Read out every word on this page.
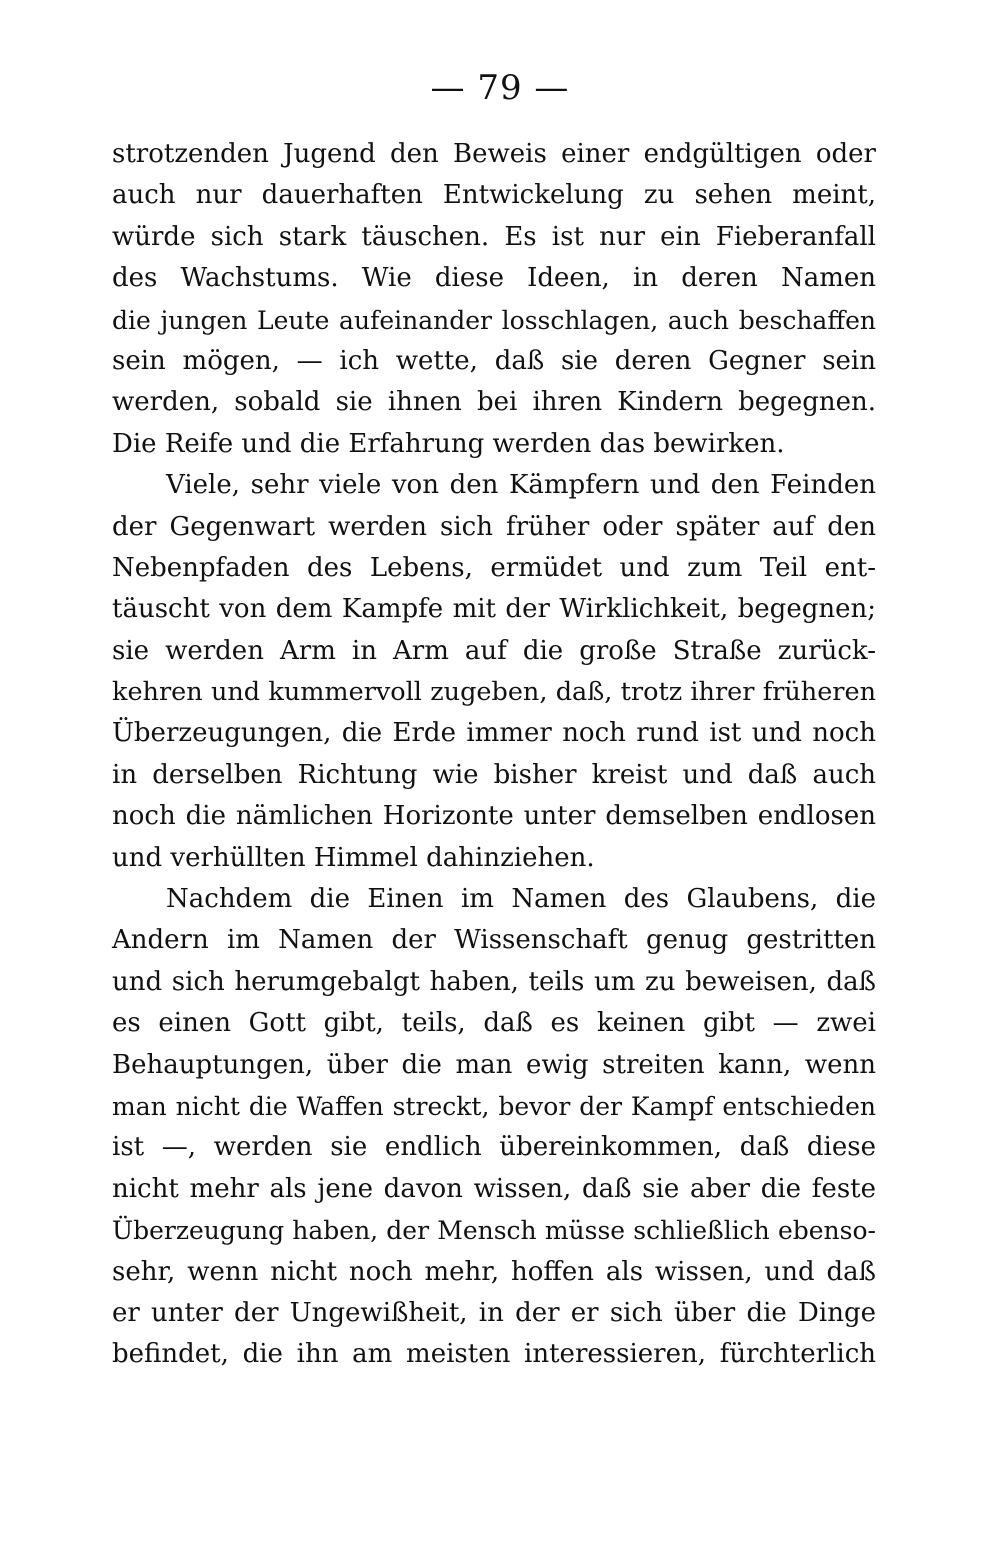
— 79 —
strotzenden Jugend den Beweis einer endgültigen oder
auch nur dauerhaften Entwickelung zu sehen meint,
würde sich stark täuschen. Es ist nur ein Fieberanfall
des Wachstums. Wie diese Ideen, in deren Namen
die jungen Leute aufeinander losschlagen, auch beschaffen
sein mögen, — ich wette, daß sie deren Gegner sein
werden, sobald sie ihnen bei ihren Kindern begegnen.
Die Reife und die Erfahrung werden das bewirken.
Viele, sehr viele von den Kämpfern und den Feinden
der Gegenwart werden sich früher oder später auf den
Nebenpfaden des Lebens, ermüdet und zum Teil ent-
täuscht von dem Kampfe mit der Wirklichkeit, begegnen;
sie werden Arm in Arm auf die große Straße zurück-
kehren und kummervoll zugeben, daß, trotz ihrer früheren
Überzeugungen, die Erde immer noch rund ist und noch
in derselben Richtung wie bisher kreist und daß auch
noch die nämlichen Horizonte unter demselben endlosen
und verhüllten Himmel dahinziehen.
Nachdem die Einen im Namen des Glaubens, die
Andern im Namen der Wissenschaft genug gestritten
und sich herumgebalgt haben, teils um zu beweisen, daß
es einen Gott gibt, teils, daß es keinen gibt — zwei
Behauptungen, über die man ewig streiten kann, wenn
man nicht die Waffen streckt, bevor der Kampf entschieden
ist —, werden sie endlich übereinkommen, daß diese
nicht mehr als jene davon wissen, daß sie aber die feste
Überzeugung haben, der Mensch müsse schließlich ebenso-
sehr, wenn nicht noch mehr, hoffen als wissen, und daß
er unter der Ungewißheit, in der er sich über die Dinge
befindet, die ihn am meisten interessieren, fürchterlich
